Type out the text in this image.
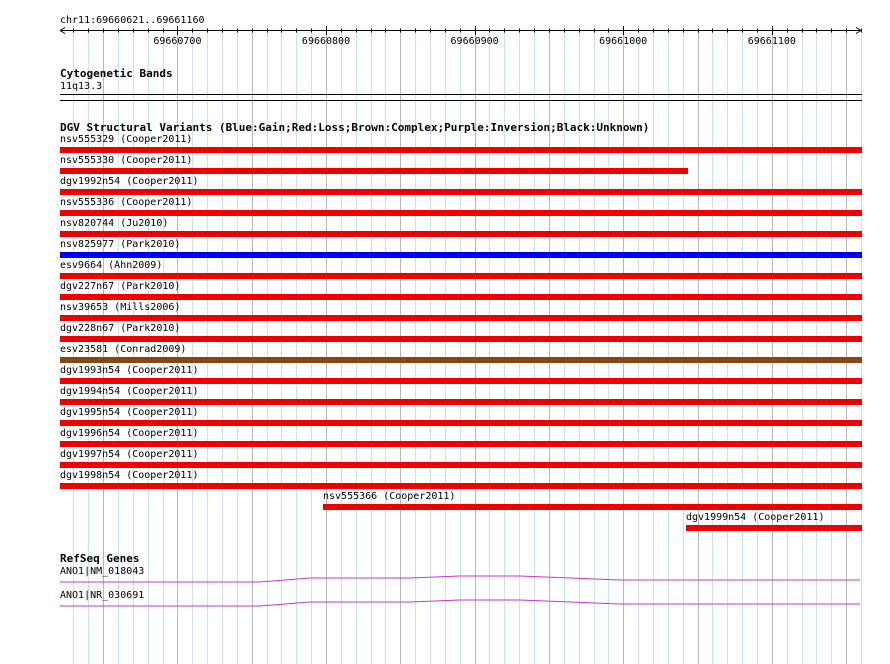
chr11:69660621..69661160
69660700	69660800	69660900	69661000	69661100
Cytogenetic Bands
11q13.3
DGV Structural Variants (Blue:Gain;Red:Loss;Brown:Complex;Purple:Inversion;Black:Unknown)
nsv555329 (Cooper2011)
nsv555330 (Cooper2011)
dgv1992n54 (Cooper2011)
nsv555336 (Cooper2011)
nsv820744 (Ju2010)
nsv825977 (Park2010)
esv9664 (Ahn2009)
dgv227n67 (Park2010)
nsv39653 (Mills2006)
dgv228n67 (Park2010)
esv23581 (Conrad2009)
dgv1993n54 (Cooper2011)
dgv1994n54 (Cooper2011)
dgv1995n54 (Cooper2011)
dgv1996n54 (Cooper2011)
dgv1997n54 (Cooper2011)
dgv1998n54 (Cooper2011)
nsv555366 (Cooper2011)
dgv1999n54 (Cooper2011)
RefSeq Genes
ANO1|NM_018043
ANO1|NR_030691
